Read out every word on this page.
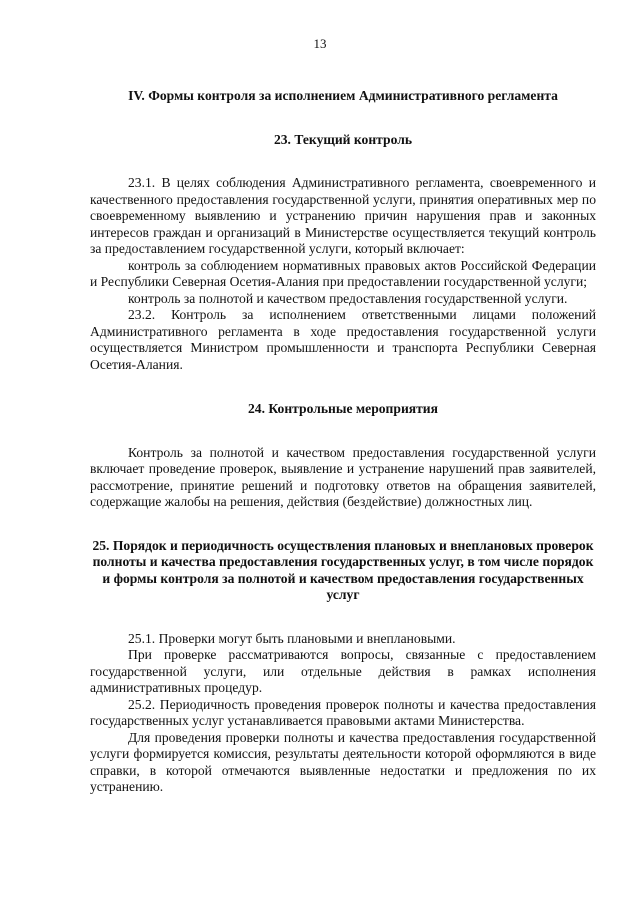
13
IV. Формы контроля за исполнением Административного регламента
23. Текущий контроль

23.1. В целях соблюдения Административного регламента, своевременного и качественного предоставления государственной услуги, принятия оперативных мер по своевременному выявлению и устранению причин нарушения прав и законных интересов граждан и организаций в Министерстве осуществляется текущий контроль за предоставлением государственной услуги, который включает:

контроль за соблюдением нормативных правовых актов Российской Федерации и Республики Северная Осетия-Алания при предоставлении государственной услуги;

контроль за полнотой и качеством предоставления государственной услуги.

23.2. Контроль за исполнением ответственными лицами положений Административного регламента в ходе предоставления государственной услуги осуществляется Министром промышленности и транспорта Республики Северная Осетия-Алания.

24. Контрольные мероприятия

Контроль за полнотой и качеством предоставления государственной услуги включает проведение проверок, выявление и устранение нарушений прав заявителей, рассмотрение, принятие решений и подготовку ответов на обращения заявителей, содержащие жалобы на решения, действия (бездействие) должностных лиц.

25. Порядок и периодичность осуществления плановых и внеплановых проверок полноты и качества предоставления государственных услуг, в том числе порядок и формы контроля за полнотой и качеством предоставления государственных услуг

25.1. Проверки могут быть плановыми и внеплановыми.

При проверке рассматриваются вопросы, связанные с предоставлением государственной услуги, или отдельные действия в рамках исполнения административных процедур.

25.2. Периодичность проведения проверок полноты и качества предоставления государственных услуг устанавливается правовыми актами Министерства.

Для проведения проверки полноты и качества предоставления государственной услуги формируется комиссия, результаты деятельности которой оформляются в виде справки, в которой отмечаются выявленные недостатки и предложения по их устранению.
